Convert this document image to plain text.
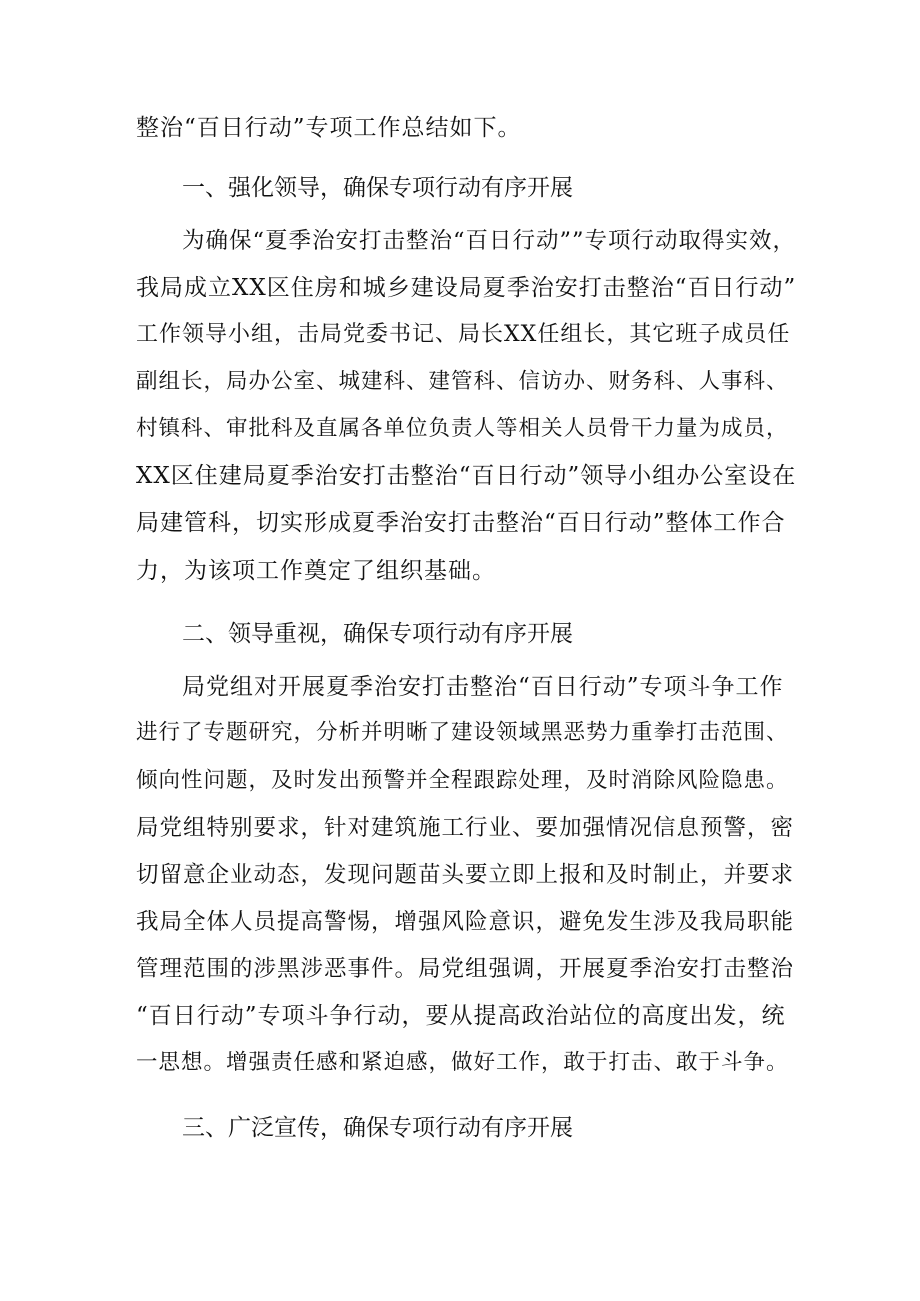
整治“百日行动”专项工作总结如下。
一、强化领导，确保专项行动有序开展
为确保“夏季治安打击整治“百日行动””专项行动取得实效，
我局成立XX区住房和城乡建设局夏季治安打击整治“百日行动”
工作领导小组，击局党委书记、局长XX任组长，其它班子成员任
副组长，局办公室、城建科、建管科、信访办、财务科、人事科、
村镇科、审批科及直属各单位负责人等相关人员骨干力量为成员，
XX区住建局夏季治安打击整治“百日行动”领导小组办公室设在
局建管科，切实形成夏季治安打击整治“百日行动”整体工作合
力，为该项工作奠定了组织基础。
二、领导重视，确保专项行动有序开展
局党组对开展夏季治安打击整治“百日行动”专项斗争工作
进行了专题研究，分析并明晰了建设领域黑恶势力重拳打击范围、
倾向性问题，及时发出预警并全程跟踪处理，及时消除风险隐患。
局党组特别要求，针对建筑施工行业、要加强情况信息预警，密
切留意企业动态，发现问题苗头要立即上报和及时制止，并要求
我局全体人员提高警惕，增强风险意识，避免发生涉及我局职能
管理范围的涉黑涉恶事件。局党组强调，开展夏季治安打击整治
“百日行动”专项斗争行动，要从提高政治站位的高度出发，统
一思想。增强责任感和紧迫感，做好工作，敢于打击、敢于斗争。
三、广泛宣传，确保专项行动有序开展
